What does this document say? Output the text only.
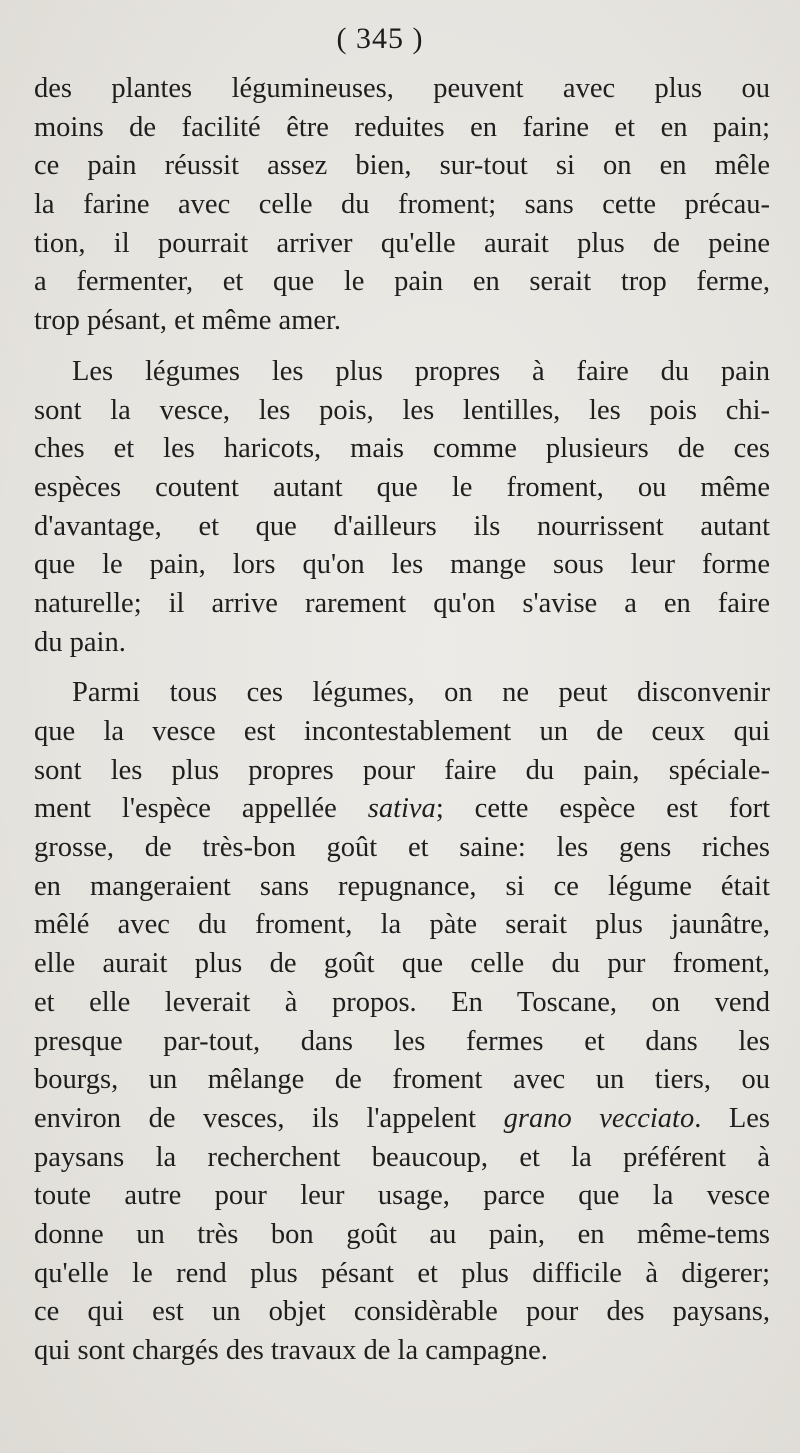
( 345 )
des plantes légumineuses, peuvent avec plus ou
moins de facilité être reduites en farine et en pain;
ce pain réussit assez bien, sur-tout si on en mêle
la farine avec celle du froment; sans cette précau-
tion, il pourrait arriver qu'elle aurait plus de peine
a fermenter, et que le pain en serait trop ferme,
trop pésant, et même amer.
Les légumes les plus propres à faire du pain
sont la vesce, les pois, les lentilles, les pois chi-
ches et les haricots, mais comme plusieurs de ces
espèces coutent autant que le froment, ou même
d'avantage, et que d'ailleurs ils nourrissent autant
que le pain, lors qu'on les mange sous leur forme
naturelle; il arrive rarement qu'on s'avise a en faire
du pain.
Parmi tous ces légumes, on ne peut disconvenir
que la vesce est incontestablement un de ceux qui
sont les plus propres pour faire du pain, spéciale-
ment l'espèce appellée sativa; cette espèce est fort
grosse, de très-bon goût et saine: les gens riches
en mangeraient sans repugnance, si ce légume était
mêlé avec du froment, la pàte serait plus jaunâtre,
elle aurait plus de goût que celle du pur froment,
et elle leverait à propos. En Toscane, on vend
presque par-tout, dans les fermes et dans les
bourgs, un mêlange de froment avec un tiers, ou
environ de vesces, ils l'appelent grano vecciato. Les
paysans la recherchent beaucoup, et la préférent à
toute autre pour leur usage, parce que la vesce
donne un très bon goût au pain, en même-tems
qu'elle le rend plus pésant et plus difficile à digerer;
ce qui est un objet considèrable pour des paysans,
qui sont chargés des travaux de la campagne.
